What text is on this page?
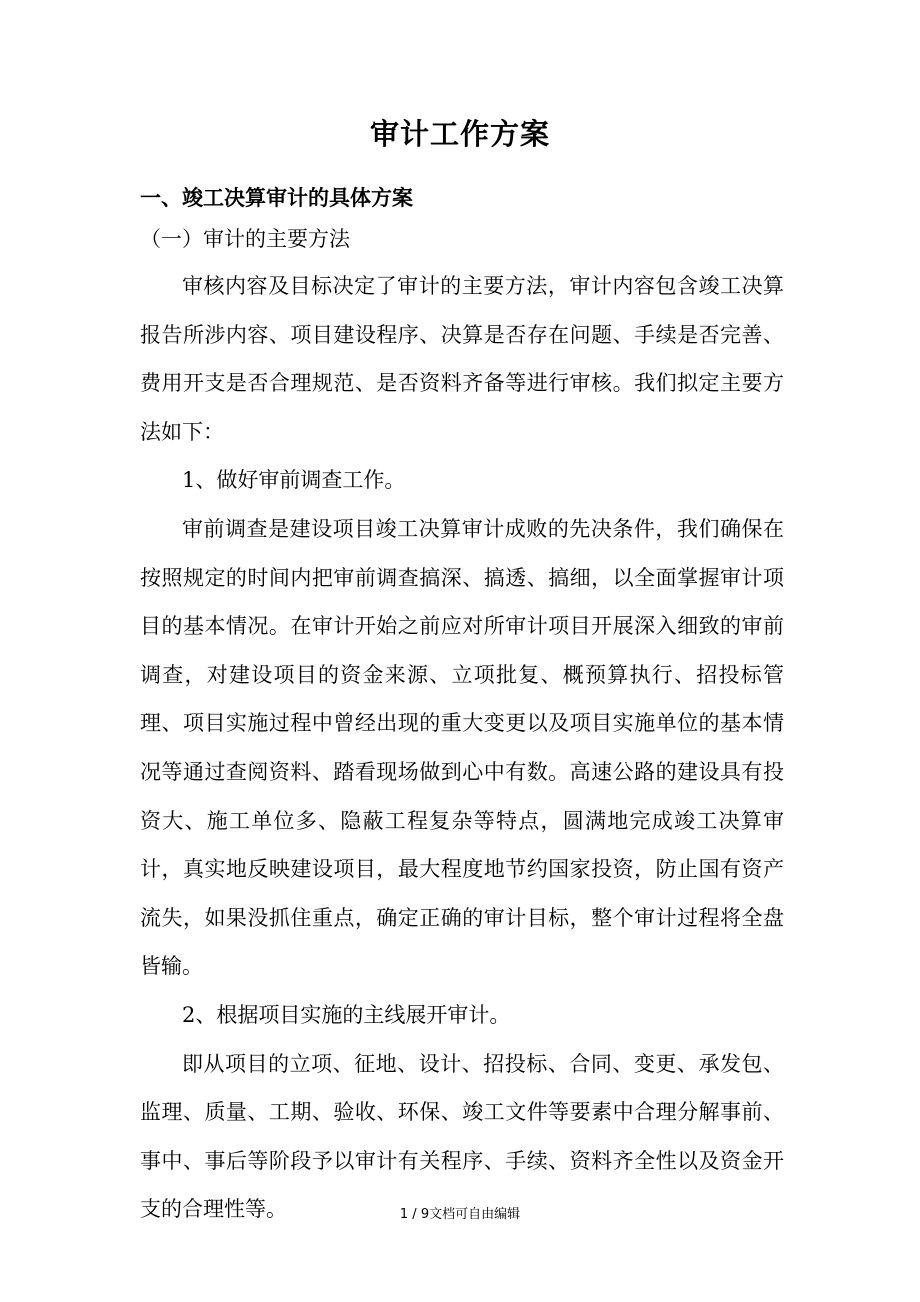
审计工作方案
一、竣工决算审计的具体方案
（一）审计的主要方法

审核内容及目标决定了审计的主要方法，审计内容包含竣工决算报告所涉内容、项目建设程序、决算是否存在问题、手续是否完善、费用开支是否合理规范、是否资料齐备等进行审核。我们拟定主要方法如下：

1、做好审前调查工作。

审前调查是建设项目竣工决算审计成败的先决条件，我们确保在按照规定的时间内把审前调查搞深、搞透、搞细，以全面掌握审计项目的基本情况。在审计开始之前应对所审计项目开展深入细致的审前调查，对建设项目的资金来源、立项批复、概预算执行、招投标管理、项目实施过程中曾经出现的重大变更以及项目实施单位的基本情况等通过查阅资料、踏看现场做到心中有数。高速公路的建设具有投资大、施工单位多、隐蔽工程复杂等特点，圆满地完成竣工决算审计，真实地反映建设项目，最大程度地节约国家投资，防止国有资产流失，如果没抓住重点，确定正确的审计目标，整个审计过程将全盘皆输。

2、根据项目实施的主线展开审计。

即从项目的立项、征地、设计、招投标、合同、变更、承发包、监理、质量、工期、验收、环保、竣工文件等要素中合理分解事前、事中、事后等阶段予以审计有关程序、手续、资料齐全性以及资金开支的合理性等。	1 / 9文档可自由编辑
